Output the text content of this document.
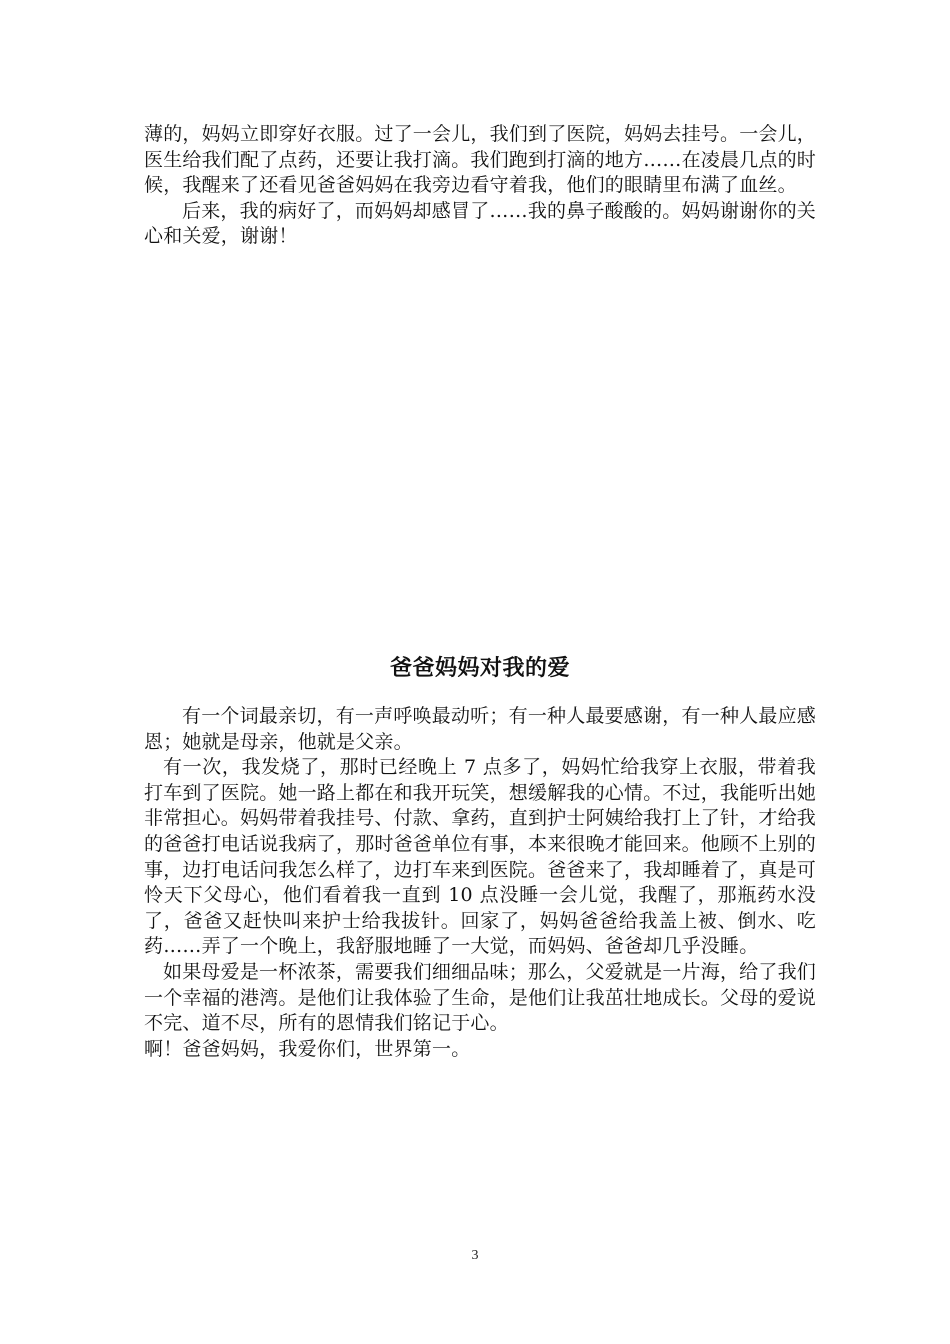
薄的，妈妈立即穿好衣服。过了一会儿，我们到了医院，妈妈去挂号。一会儿，医生给我们配了点药，还要让我打滴。我们跑到打滴的地方……在凌晨几点的时候，我醒来了还看见爸爸妈妈在我旁边看守着我，他们的眼睛里布满了血丝。

后来，我的病好了，而妈妈却感冒了……我的鼻子酸酸的。妈妈谢谢你的关心和关爱，谢谢！

爸爸妈妈对我的爱

有一个词最亲切，有一声呼唤最动听；有一种人最要感谢，有一种人最应感恩；她就是母亲，他就是父亲。

有一次，我发烧了，那时已经晚上 7 点多了，妈妈忙给我穿上衣服，带着我打车到了医院。她一路上都在和我开玩笑，想缓解我的心情。不过，我能听出她非常担心。妈妈带着我挂号、付款、拿药，直到护士阿姨给我打上了针，才给我的爸爸打电话说我病了，那时爸爸单位有事，本来很晚才能回来。他顾不上别的事，边打电话问我怎么样了，边打车来到医院。爸爸来了，我却睡着了，真是可怜天下父母心，他们看着我一直到 10 点没睡一会儿觉，我醒了，那瓶药水没了，爸爸又赶快叫来护士给我拔针。回家了，妈妈爸爸给我盖上被、倒水、吃药……弄了一个晚上，我舒服地睡了一大觉，而妈妈、爸爸却几乎没睡。

如果母爱是一杯浓茶，需要我们细细品味；那么，父爱就是一片海，给了我们一个幸福的港湾。是他们让我体验了生命，是他们让我茁壮地成长。父母的爱说不完、道不尽，所有的恩情我们铭记于心。

啊！爸爸妈妈，我爱你们，世界第一。

3
